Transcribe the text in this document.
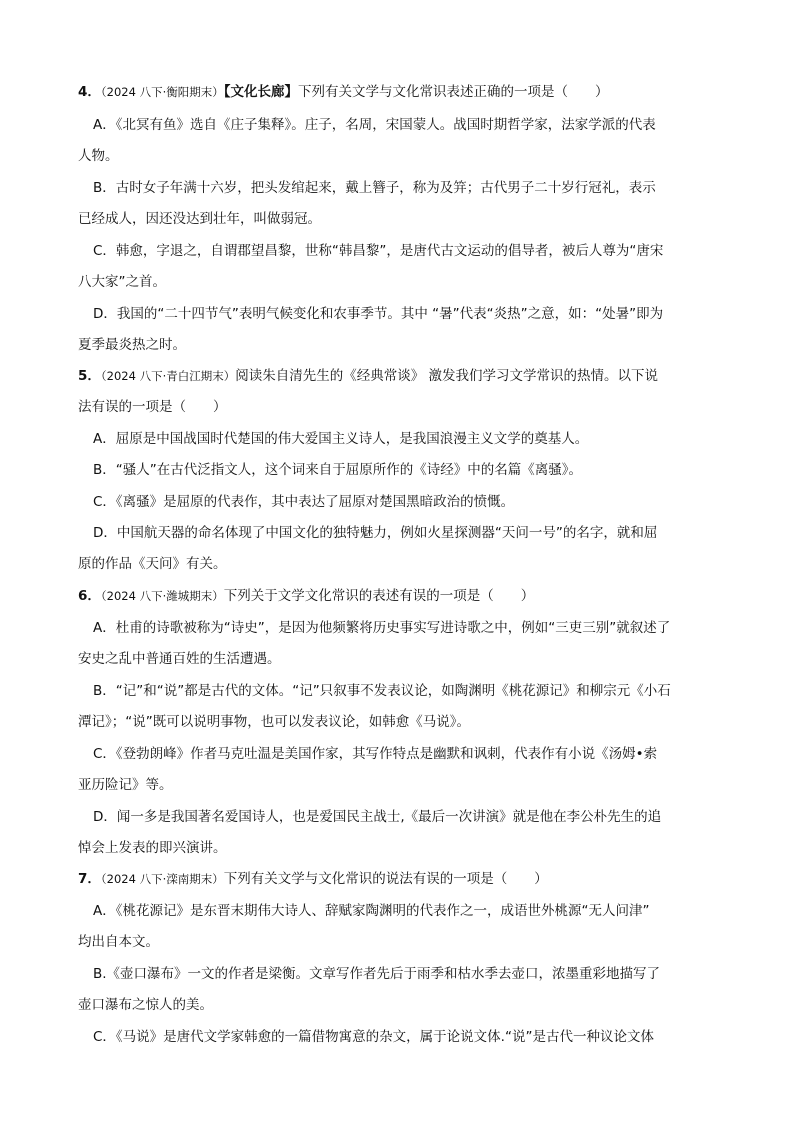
4．（2024 八下·衡阳期末）【文化长廊】下列有关文学与文化常识表述正确的一项是（　　）
A．《北冥有鱼》选自《庄子集释》。庄子，名周，宋国蒙人。战国时期哲学家，法家学派的代表
人物。
B．古时女子年满十六岁，把头发绾起来，戴上簪子，称为及笄；古代男子二十岁行冠礼，表示
已经成人，因还没达到壮年，叫做弱冠。
C．韩愈，字退之，自谓郡望昌黎，世称“韩昌黎”，是唐代古文运动的倡导者，被后人尊为“唐宋
八大家”之首。
D．我国的“二十四节气”表明气候变化和农事季节。其中 “暑”代表“炎热”之意，如：“处暑”即为
夏季最炎热之时。
5．（2024 八下·青白江期末）阅读朱自清先生的《经典常谈》 激发我们学习文学常识的热情。以下说
法有误的一项是（　　）
A．屈原是中国战国时代楚国的伟大爱国主义诗人，是我国浪漫主义文学的奠基人。
B．“骚人”在古代泛指文人，这个词来自于屈原所作的《诗经》中的名篇《离骚》。
C．《离骚》是屈原的代表作，其中表达了屈原对楚国黑暗政治的愤慨。
D．中国航天器的命名体现了中国文化的独特魅力，例如火星探测器“天问一号”的名字，就和屈
原的作品《天问》有关。
6．（2024 八下·潍城期末）下列关于文学文化常识的表述有误的一项是（　　）
A．杜甫的诗歌被称为“诗史”，是因为他频繁将历史事实写进诗歌之中，例如“三吏三别”就叙述了
安史之乱中普通百姓的生活遭遇。
B．“记”和“说”都是古代的文体。“记”只叙事不发表议论，如陶渊明《桃花源记》和柳宗元《小石
潭记》；“说”既可以说明事物，也可以发表议论，如韩愈《马说》。
C．《登勃朗峰》作者马克吐温是美国作家，其写作特点是幽默和讽刺，代表作有小说《汤姆•索
亚历险记》等。
D．闻一多是我国著名爱国诗人，也是爱国民主战士,《最后一次讲演》就是他在李公朴先生的追
悼会上发表的即兴演讲。
7．（2024 八下·滦南期末）下列有关文学与文化常识的说法有误的一项是（　　）
A．《桃花源记》是东晋末期伟大诗人、辞赋家陶渊明的代表作之一，成语世外桃源“无人问津”
均出自本文。
B.《壶口瀑布》一文的作者是梁衡。文章写作者先后于雨季和枯水季去壶口，浓墨重彩地描写了
壶口瀑布之惊人的美。
C．《马说》是唐代文学家韩愈的一篇借物寓意的杂文，属于论说文体.“说”是古代一种议论文体
